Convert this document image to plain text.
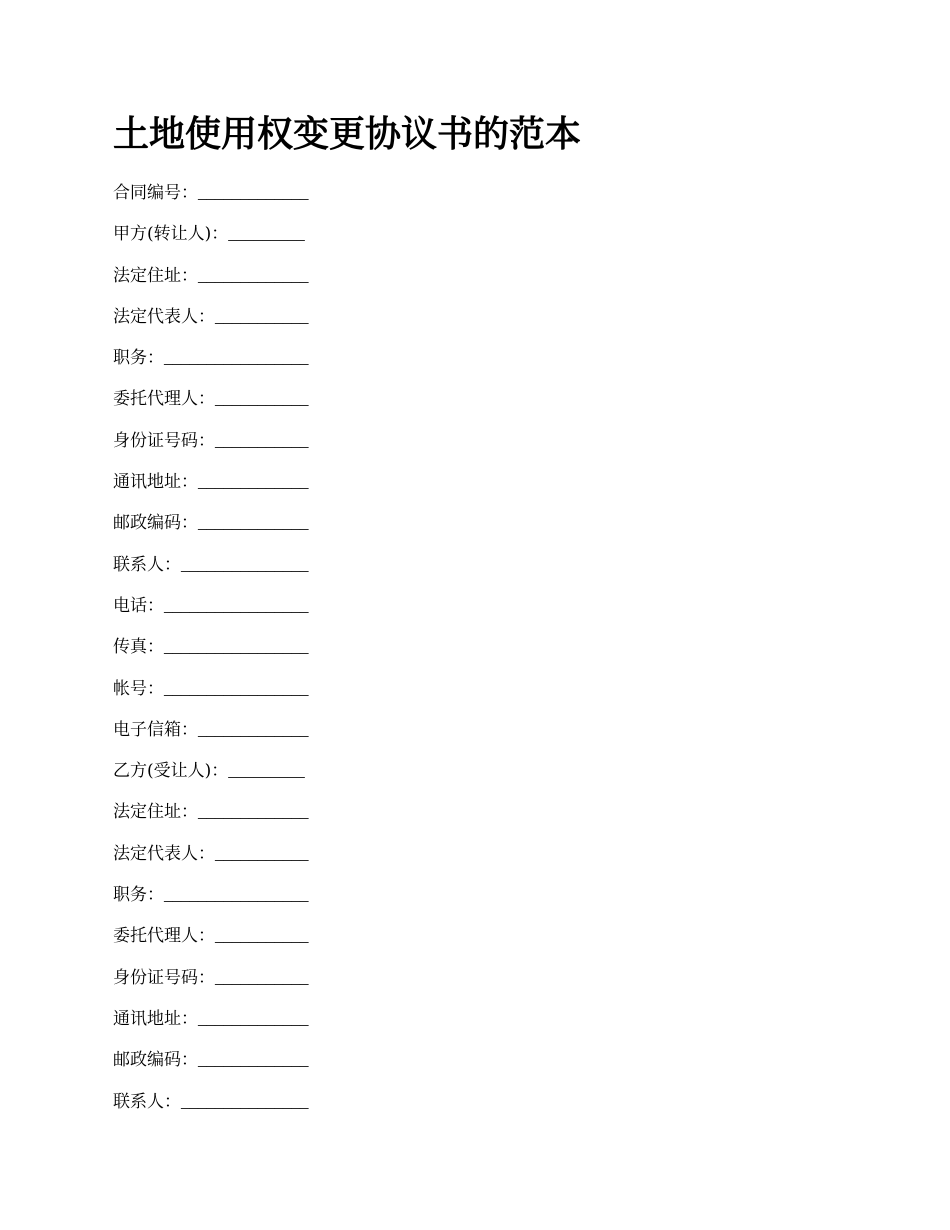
土地使用权变更协议书的范本
合同编号：_____________
甲方(转让人)：_________
法定住址：_____________
法定代表人：___________
职务：_________________
委托代理人：___________
身份证号码：___________
通讯地址：_____________
邮政编码：_____________
联系人：_______________
电话：_________________
传真：_________________
帐号：_________________
电子信箱：_____________
乙方(受让人)：_________
法定住址：_____________
法定代表人：___________
职务：_________________
委托代理人：___________
身份证号码：___________
通讯地址：_____________
邮政编码：_____________
联系人：_______________
